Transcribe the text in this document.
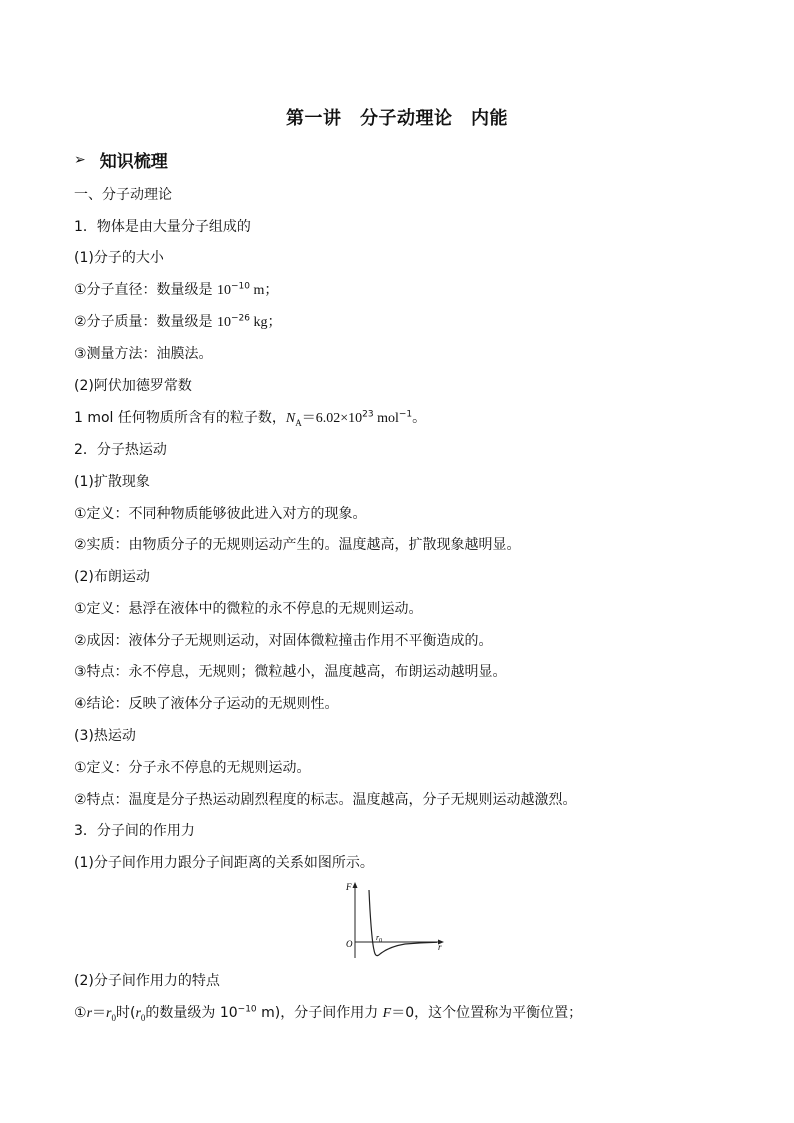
第一讲　分子动理论　内能
➢ 知识梳理
一、分子动理论
1．物体是由大量分子组成的
(1)分子的大小
①分子直径：数量级是 $10^{-10}$ m；
②分子质量：数量级是 $10^{-26}$ kg；
③测量方法：油膜法。
(2)阿伏加德罗常数
1 mol 任何物质所含有的粒子数，$N_A=6.02\times 10^{23}$ mol$^{-1}$。
2．分子热运动
(1)扩散现象
①定义：不同种物质能够彼此进入对方的现象。
②实质：由物质分子的无规则运动产生的。温度越高，扩散现象越明显。
(2)布朗运动
①定义：悬浮在液体中的微粒的永不停息的无规则运动。
②成因：液体分子无规则运动，对固体微粒撞击作用不平衡造成的。
③特点：永不停息，无规则；微粒越小，温度越高，布朗运动越明显。
④结论：反映了液体分子运动的无规则性。
(3)热运动
①定义：分子永不停息的无规则运动。
②特点：温度是分子热运动剧烈程度的标志。温度越高，分子无规则运动越激烈。
3．分子间的作用力
(1)分子间作用力跟分子间距离的关系如图所示。
F
O
$r_0$
r
(2)分子间作用力的特点
$①r=r_0$时($r_0$的数量级为 $10^{-10}$ m)，分子间作用力 F＝0，这个位置称为平衡位置；
